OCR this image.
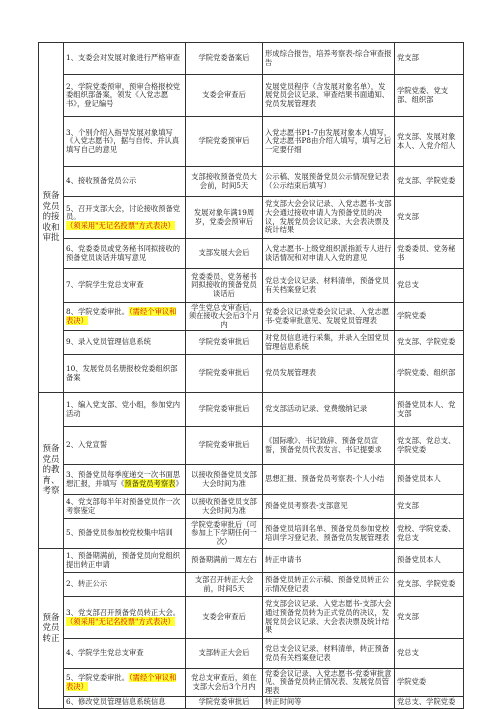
预备党员的接收和审批	1、支委会对发展对象进行严格审查	学院党委备案后	形成综合报告，培养考察表-综合审查报告	党支部
	2、学院党委预审，预审合格报校党委组织部备案，领发《入党志愿书》，登记编号	支委会审查后	发展党员程序（含发展对象名单），发展党员会议记录、审查结果书面通知、党员发展管理表	学院党委、党支部、组织部
	3、个别介绍入指导发展对象填写《入党志愿书》，据与自传、并认真填写自己的意见	学院党委预审后	入党志愿书P1-7由发展对象本人填写，入党志愿书P8由介绍人填写，填写之后一定要仔细	党支部、发展对象本人、入党介绍人
	4、接收预备党员公示	支部接收预备党员大会前，时间5天	公示稿、发展预备党员公示情况登记表（公示结束后填写）	党支部、学院党委
	5、召开支部大会，讨论接收预备党员。（须采用"无记名投票"方式表决）	发展对象年满19周岁，党委会预审后	党支部大会会议记录、入党志愿书-支部大会通过接收申请人为预备党员的决议，发展党员会议记录、大会表决票及统计结果	党支部
	6、党委委员或党务秘书同拟接收的预备党员谈话并填写意见	支部发展大会后	入党志愿书-上级党组织派指派专人进行谈话情况和对申请人入党的意见	党委委员、党务秘书
	7、学院学生党总支审查	党委委员、党务秘书同拟接收的预备党员谈话后	党总支会议记录、材料清单，预备党员有关档案登记表	党总支
	8、学院党委审批。（需经个审议和表决）	学生党总支审查后，须在接收大会后3个月内	党委会议记录党委会议记录、入党志愿书-党委审批意见、发展党员管理表	学院党委
	9、录入党员管理信息系统	学院党委审批后	对党员信息进行采集，并录入全国党员管理信息系统	党支部、学院党委
	10、发展党员名册报校党委组织部备案	学院党委审批后	党员发展管理表	学院党委、组织部
预备党员的教育、考察	1、编入党支部、党小组，参加党内活动	学院党委审批后	党支部活动记录、党费缴纳记录	预备党员本人、党支部
	2、入党宣誓	学院党委审批后	《国际歌》、书记致辞、预备党员宣誓，预备党员代表发言、书记提要求	党支部、党总支、学院党委
	3、预备党员每季度递交一次书面思想汇报，并填写《预备党员考察表》	以接收预备党员支部大会时间为准	思想汇报、预备党员考察表-个人小结	预备党员本人
	4、党支部每半年对预备党员作一次考察鉴定	以接收预备党员支部大会时间为准	预备党员考察表-支部意见	党支部
	5、预备党员参加校党校集中培训	学院党委审批后（可参加上下学期任何一次）	预备党员培训名单、预备党员参加党校培训学习登记表、预备党员发展管理表	党校、学院党委、党总支
预备党员转正	1、预备期满前，预备党员向党组织提出转正申请	预备期满前一周左右	转正申请书	预备党员本人
	2、转正公示	支部召开转正大会前，时间5天	预备党员转正公示稿、预备党员转正公示情况登记表	党支部、学院党委
	3、党支部召开预备党员转正大会。（须采用"无记名投票"方式表决）	支委会审查后	党支部会议记录、入党志愿书-支部大会通过预备党员转为正式党员的决议，发展党员会议记录、大会表决票及统计结果	党支部
	4、学院学生党总支审查	支部转正大会后	党总支会议记录、材料清单，转正预备党员有关档案登记表	党总支
	5、学院党委审批。（需经个审议和表决）	党总支审查后，须在支部大会后3个月内	党委会议记录、入党志愿书-党委审批意见、预备党员转正情况表、发展党员管理表	学院党委
	6、修改党员管理信息系统信息	学院党委审批后	转正时间等	党总支、学院党委
